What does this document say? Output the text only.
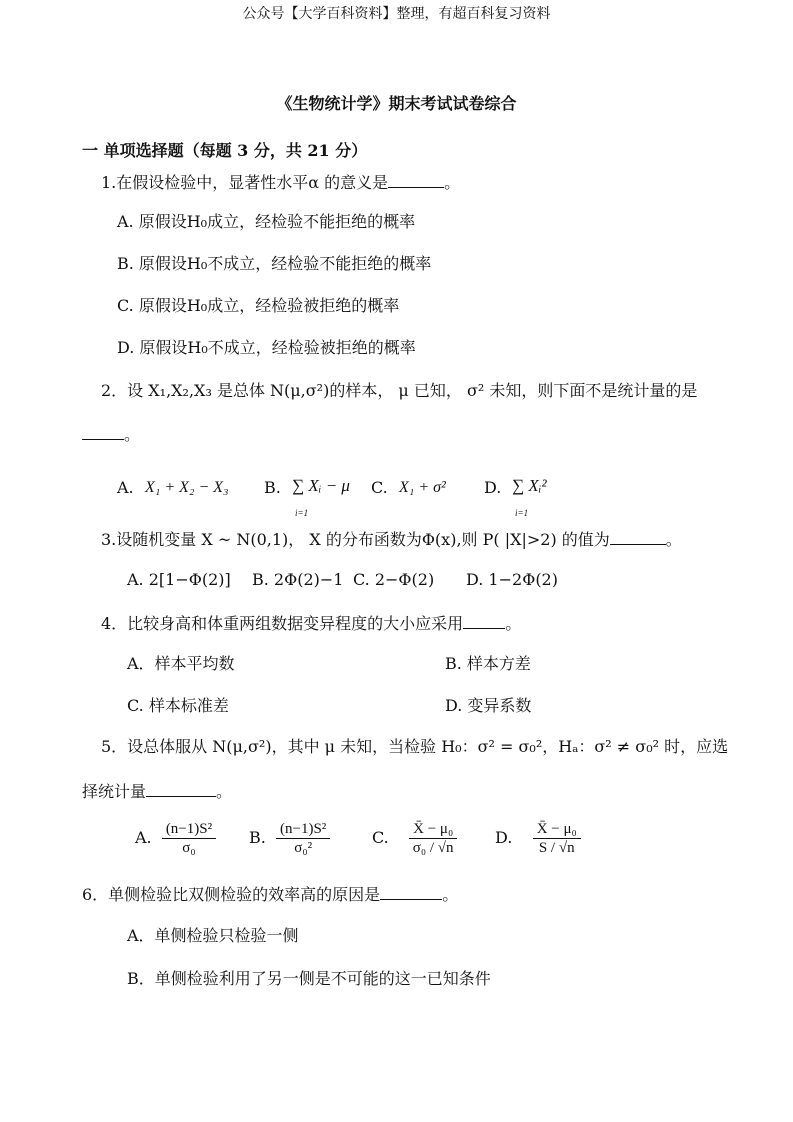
公众号【大学百科资料】整理，有超百科复习资料
《生物统计学》期末考试试卷综合
一 单项选择题（每题 3 分，共 21 分）
1.在假设检验中，显著性水平α 的意义是	。
A. 原假设H₀成立，经检验不能拒绝的概率
B. 原假设H₀不成立，经检验不能拒绝的概率
C. 原假设H₀成立，经检验被拒绝的概率
D. 原假设H₀不成立，经检验被拒绝的概率
2．设 X₁,X₂,X₃ 是总体 N(μ,σ²)的样本， μ 已知， σ² 未知，则下面不是统计量的是
。
A. X₁ + X₂ − X₃ B. ∑ Xᵢ − μ
i=1
C. X₁ + σ² D. ∑ Xᵢ²
i=1
3.设随机变量 X ~ N(0,1)， X 的分布函数为Φ(x),则 P( |X|>2) 的值为	。
A. 2[1−Φ(2)] B. 2Φ(2)−1 C. 2−Φ(2) D. 1−2Φ(2)
4．比较身高和体重两组数据变异程度的大小应采用	。
A．样本平均数	B. 样本方差
C. 样本标准差	D. 变异系数
5．设总体服从 N(μ,σ²)，其中 μ 未知，当检验 H₀：σ² = σ₀²，Hₐ：σ² ≠ σ₀² 时，应选
择统计量	。
A. $\frac{\text{(n−1)S²}}{\text{σ₀}} B$. $\frac{\text{(n−1)S²}}{\text{σ₀²}}$	C. $\frac{\text{X̄ − μ₀}}{\text{σ₀ / √n}} D$. $\frac{\text{X̄ − μ₀}}{S / √n}$
6．单侧检验比双侧检验的效率高的原因是	。
A．单侧检验只检验一侧
B．单侧检验利用了另一侧是不可能的这一已知条件
